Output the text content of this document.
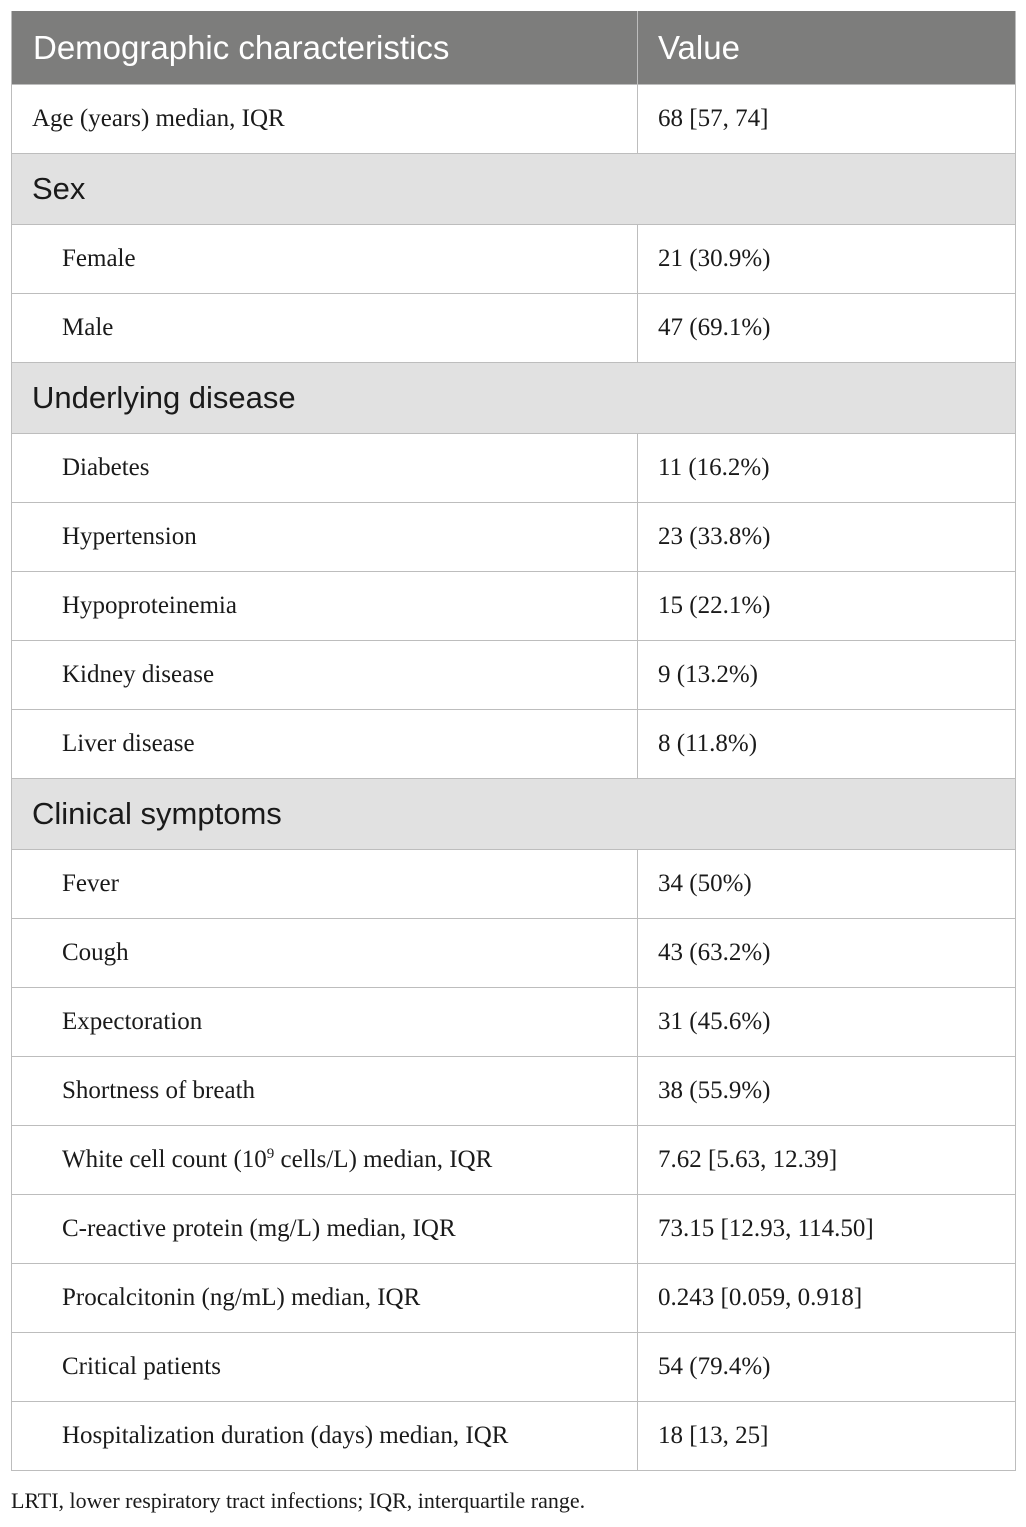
Demographic characteristics	Value
Age (years) median, IQR	68 [57, 74]
Sex	
Female	21 (30.9%)
Male	47 (69.1%)
Underlying disease	
Diabetes	11 (16.2%)
Hypertension	23 (33.8%)
Hypoproteinemia	15 (22.1%)
Kidney disease	9 (13.2%)
Liver disease	8 (11.8%)
Clinical symptoms	
Fever	34 (50%)
Cough	43 (63.2%)
Expectoration	31 (45.6%)
Shortness of breath	38 (55.9%)
White cell count ($10^9$ cells/L) median, IQR	7.62 [5.63, 12.39]
C-reactive protein (mg/L) median, IQR	73.15 [12.93, 114.50]
Procalcitonin (ng/mL) median, IQR	0.243 [0.059, 0.918]
Critical patients	54 (79.4%)
Hospitalization duration (days) median, IQR	18 [13, 25]
LRTI, lower respiratory tract infections; IQR, interquartile range.
